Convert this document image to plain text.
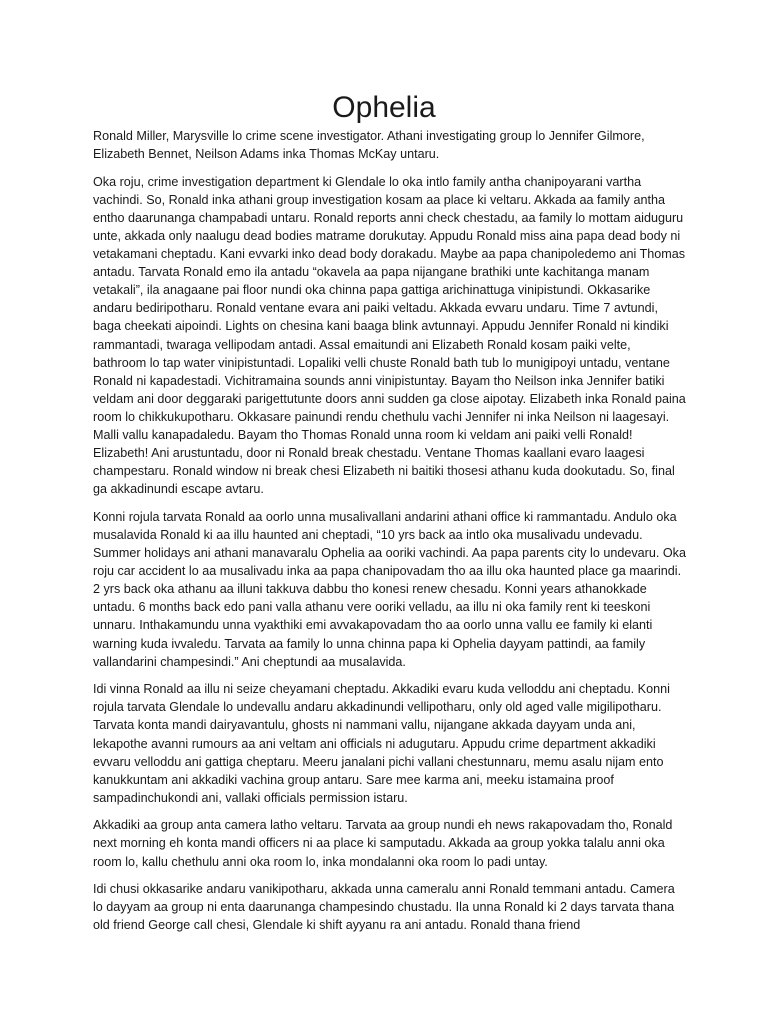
Ophelia

Ronald Miller, Marysville lo crime scene investigator. Athani investigating group lo Jennifer Gilmore, Elizabeth Bennet, Neilson Adams inka Thomas McKay untaru.

Oka roju, crime investigation department ki Glendale lo oka intlo family antha chanipoyarani vartha vachindi. So, Ronald inka athani group investigation kosam aa place ki veltaru. Akkada aa family antha entho daarunanga champabadi untaru. Ronald reports anni check chestadu, aa family lo mottam aiduguru unte, akkada only naalugu dead bodies matrame dorukutay. Appudu Ronald miss aina papa dead body ni vetakamani cheptadu. Kani evvarki inko dead body dorakadu. Maybe aa papa chanipoledemo ani Thomas antadu. Tarvata Ronald emo ila antadu “okavela aa papa nijangane brathiki unte kachitanga manam vetakali”, ila anagaane pai floor nundi oka chinna papa gattiga arichinattuga vinipistundi. Okkasarike andaru bediripotharu. Ronald ventane evara ani paiki veltadu. Akkada evvaru undaru. Time 7 avtundi, baga cheekati aipoindi. Lights on chesina kani baaga blink avtunnayi. Appudu Jennifer Ronald ni kindiki rammantadi, twaraga vellipodam antadi. Assal emaitundi ani Elizabeth Ronald kosam paiki velte, bathroom lo tap water vinipistuntadi. Lopaliki velli chuste Ronald bath tub lo munigipoyi untadu, ventane Ronald ni kapadestadi. Vichitramaina sounds anni vinipistuntay. Bayam tho Neilson inka Jennifer batiki veldam ani door deggaraki parigettutunte doors anni sudden ga close aipotay. Elizabeth inka Ronald paina room lo chikkukupotharu. Okkasare painundi rendu chethulu vachi Jennifer ni inka Neilson ni laagesayi. Malli vallu kanapadaledu. Bayam tho Thomas Ronald unna room ki veldam ani paiki velli Ronald! Elizabeth! Ani arustuntadu, door ni Ronald break chestadu. Ventane Thomas kaallani evaro laagesi champestaru. Ronald window ni break chesi Elizabeth ni baitiki thosesi athanu kuda dookutadu. So, final ga akkadinundi escape avtaru.

Konni rojula tarvata Ronald aa oorlo unna musalivallani andarini athani office ki rammantadu. Andulo oka musalavida Ronald ki aa illu haunted ani cheptadi, “10 yrs back aa intlo oka musalivadu undevadu. Summer holidays ani athani manavaralu Ophelia aa ooriki vachindi. Aa papa parents city lo undevaru. Oka roju car accident lo aa musalivadu inka aa papa chanipovadam tho aa illu oka haunted place ga maarindi. 2 yrs back oka athanu aa illuni takkuva dabbu tho konesi renew chesadu. Konni years athanokkade untadu. 6 months back edo pani valla athanu vere ooriki velladu, aa illu ni oka family rent ki teeskoni unnaru. Inthakamundu unna vyakthiki emi avvakapovadam tho aa oorlo unna vallu ee family ki elanti warning kuda ivvaledu. Tarvata aa family lo unna chinna papa ki Ophelia dayyam pattindi, aa family vallandarini champesindi.” Ani cheptundi aa musalavida.

Idi vinna Ronald aa illu ni seize cheyamani cheptadu. Akkadiki evaru kuda velloddu ani cheptadu. Konni rojula tarvata Glendale lo undevallu andaru akkadinundi vellipotharu, only old aged valle migilipotharu. Tarvata konta mandi dairyavantulu, ghosts ni nammani vallu, nijangane akkada dayyam unda ani, lekapothe avanni rumours aa ani veltam ani officials ni adugutaru. Appudu crime department akkadiki evvaru velloddu ani gattiga cheptaru. Meeru janalani pichi vallani chestunnaru, memu asalu nijam ento kanukkuntam ani akkadiki vachina group antaru. Sare mee karma ani, meeku istamaina proof sampadinchukondi ani, vallaki officials permission istaru.

Akkadiki aa group anta camera latho veltaru. Tarvata aa group nundi eh news rakapovadam tho, Ronald next morning eh konta mandi officers ni aa place ki samputadu. Akkada aa group yokka talalu anni oka room lo, kallu chethulu anni oka room lo, inka mondalanni oka room lo padi untay.

Idi chusi okkasarike andaru vanikipotharu, akkada unna cameralu anni Ronald temmani antadu. Camera lo dayyam aa group ni enta daarunanga champesindo chustadu. Ila unna Ronald ki 2 days tarvata thana old friend George call chesi, Glendale ki shift ayyanu ra ani antadu. Ronald thana friend
